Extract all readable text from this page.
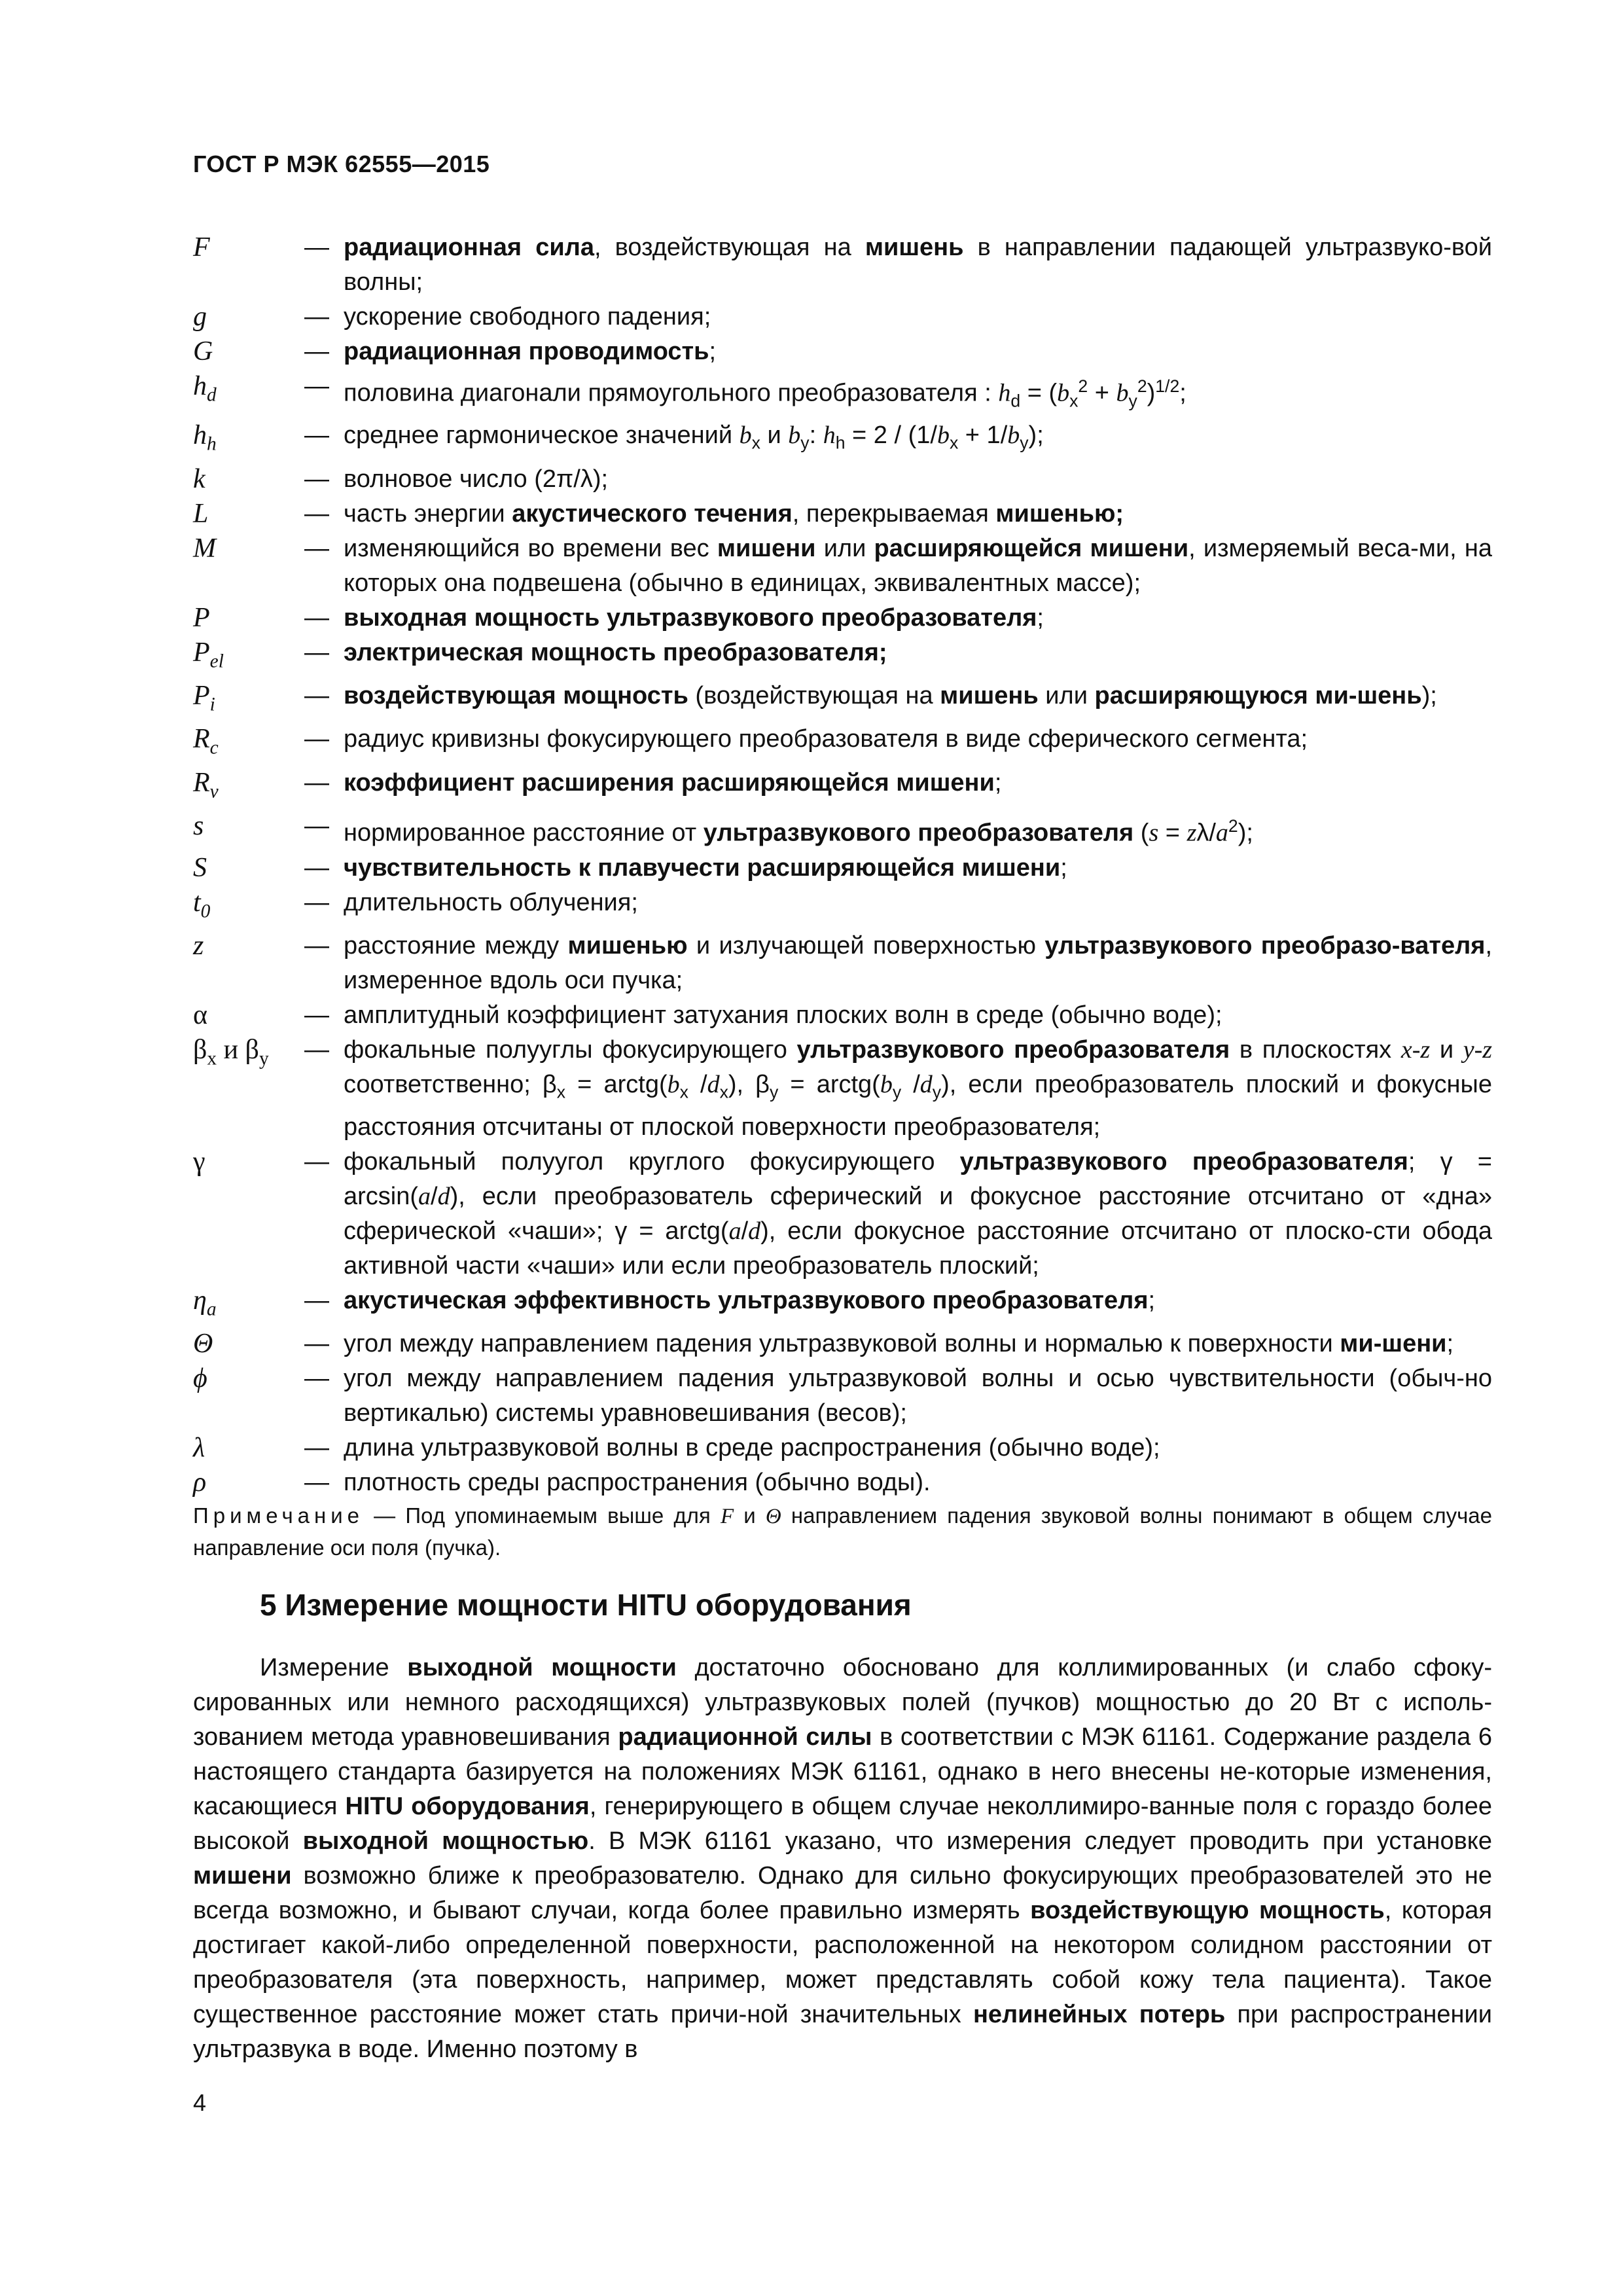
ГОСТ Р МЭК 62555—2015
F	— радиационная сила, воздействующая на мишень в направлении падающей ультразвуко-вой волны;
g	— ускорение свободного падения;
G	— радиационная проводимость;
$h_d$	— половина диагонали прямоугольного преобразователя : $h_d = (b_x^2 + b_y^2)^{1/2}$;
$h_h$	— среднее гармоническое значений $b_x$ и $b_y$: $h_h = 2 / (1/b_x + 1/b_y)$;
k	— волновое число (2π/λ);
L	— часть энергии акустического течения, перекрываемая мишенью;
M	— изменяющийся во времени вес мишени или расширяющейся мишени, измеряемый веса-ми, на которых она подвешена (обычно в единицах, эквивалентных массе);
P	— выходная мощность ультразвукового преобразователя;
$P_{el}$	— электрическая мощность преобразователя;
$P_i$	— воздействующая мощность (воздействующая на мишень или расширяющуюся ми-шень);
$R_c$	— радиус кривизны фокусирующего преобразователя в виде сферического сегмента;
$R_v$	— коэффициент расширения расширяющейся мишени;
s	— нормированное расстояние от ультразвукового преобразователя $(s = z\lambda/a^2)$;
S	— чувствительность к плавучести расширяющейся мишени;
$t_0$	— длительность облучения;
z	— расстояние между мишенью и излучающей поверхностью ультразвукового преобразо-вателя, измеренное вдоль оси пучка;
α	— амплитудный коэффициент затухания плоских волн в среде (обычно воде);
$\beta_x$ и $\beta_y$	— фокальные полууглы фокусирующего ультразвукового преобразователя в плоскостях x-z и y-z соответственно; $\beta_x$ = $arctg(b_x$ $/d_x$), $\beta_y$ = $arctg(b_y$ $/d_y$), если преобразователь плоский и фокусные расстояния отсчитаны от плоской поверхности преобразователя;
γ	— фокальный полуугол круглого фокусирующего ультразвукового преобразователя; γ = arcsin(a/d), если преобразователь сферический и фокусное расстояние отсчитано от «дна» сферической «чаши»; γ = arctg(a/d), если фокусное расстояние отсчитано от плоско-сти обода активной части «чаши» или если преобразователь плоский;
$\eta_a$	— акустическая эффективность ультразвукового преобразователя;
Θ	— угол между направлением падения ультразвуковой волны и нормалью к поверхности ми-шени;
ϕ	— угол между направлением падения ультразвуковой волны и осью чувствительности (обыч-но вертикалью) системы уравновешивания (весов);
λ	— длина ультразвуковой волны в среде распространения (обычно воде);
ρ	— плотность среды распространения (обычно воды).
Примечание — Под упоминаемым выше для F и Θ направлением падения звуковой волны понимают в общем случае направление оси поля (пучка).
5 Измерение мощности HITU оборудования
Измерение выходной мощности достаточно обосновано для коллимированных (и слабо сфоку-сированных или немного расходящихся) ультразвуковых полей (пучков) мощностью до 20 Вт с исполь-зованием метода уравновешивания радиационной силы в соответствии с МЭК 61161. Содержание раздела 6 настоящего стандарта базируется на положениях МЭК 61161, однако в него внесены не-которые изменения, касающиеся HITU оборудования, генерирующего в общем случае неколлимиро-ванные поля с гораздо более высокой выходной мощностью. В МЭК 61161 указано, что измерения следует проводить при установке мишени возможно ближе к преобразователю. Однако для сильно фокусирующих преобразователей это не всегда возможно, и бывают случаи, когда более правильно измерять воздействующую мощность, которая достигает какой-либо определенной поверхности, расположенной на некотором солидном расстоянии от преобразователя (эта поверхность, например, может представлять собой кожу тела пациента). Такое существенное расстояние может стать причи-ной значительных нелинейных потерь при распространении ультразвука в воде. Именно поэтому в
4
